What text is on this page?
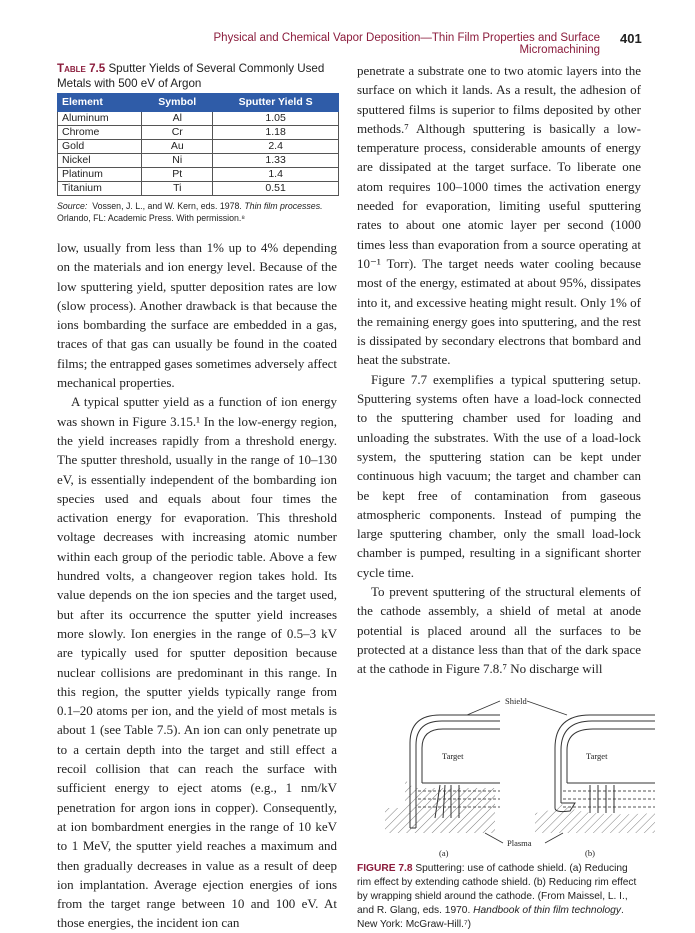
Physical and Chemical Vapor Deposition—Thin Film Properties and Surface Micromachining
401
Table 7.5 Sputter Yields of Several Commonly Used Metals with 500 eV of Argon
Element	Symbol	Sputter Yield S
Aluminum	Al	1.05
Chrome	Cr	1.18
Gold	Au	2.4
Nickel	Ni	1.33
Platinum	Pt	1.4
Titanium	Ti	0.51
Source: Vossen, J. L., and W. Kern, eds. 1978. Thin film processes. Orlando, FL: Academic Press. With permission.⁸

low, usually from less than 1% up to 4% depending on the materials and ion energy level. Because of the low sputtering yield, sputter deposition rates are low (slow process). Another drawback is that because the ions bombarding the surface are embedded in a gas, traces of that gas can usually be found in the coated films; the entrapped gases sometimes adversely affect mechanical properties.

A typical sputter yield as a function of ion energy was shown in Figure 3.15.¹ In the low-energy region, the yield increases rapidly from a threshold energy. The sputter threshold, usually in the range of 10–130 eV, is essentially independent of the bombarding ion species used and equals about four times the activation energy for evaporation. This threshold voltage decreases with increasing atomic number within each group of the periodic table. Above a few hundred volts, a changeover region takes hold. Its value depends on the ion species and the target used, but after its occurrence the sputter yield increases more slowly. Ion energies in the range of 0.5–3 kV are typically used for sputter deposition because nuclear collisions are predominant in this range. In this region, the sputter yields typically range from 0.1–20 atoms per ion, and the yield of most metals is about 1 (see Table 7.5). An ion can only penetrate up to a certain depth into the target and still effect a recoil collision that can reach the surface with sufficient energy to eject atoms (e.g., 1 nm/kV penetration for argon ions in copper). Consequently, at ion bombardment energies in the range of 10 keV to 1 MeV, the sputter yield reaches a maximum and then gradually decreases in value as a result of deep ion implantation. Average ejection energies of ions from the target range between 10 and 100 eV. At those energies, the incident ion can

penetrate a substrate one to two atomic layers into the surface on which it lands. As a result, the adhesion of sputtered films is superior to films deposited by other methods.⁷ Although sputtering is basically a low-temperature process, considerable amounts of energy are dissipated at the target surface. To liberate one atom requires 100–1000 times the activation energy needed for evaporation, limiting useful sputtering rates to about one atomic layer per second (1000 times less than evaporation from a source operating at 10⁻¹ Torr). The target needs water cooling because most of the energy, estimated at about 95%, dissipates into it, and excessive heating might result. Only 1% of the remaining energy goes into sputtering, and the rest is dissipated by secondary electrons that bombard and heat the substrate.

Figure 7.7 exemplifies a typical sputtering setup. Sputtering systems often have a load-lock connected to the sputtering chamber used for loading and unloading the substrates. With the use of a load-lock system, the sputtering station can be kept under continuous high vacuum; the target and chamber can be kept free of contamination from gaseous atmospheric components. Instead of pumping the large sputtering chamber, only the small load-lock chamber is pumped, resulting in a significant shorter cycle time.

To prevent sputtering of the structural elements of the cathode assembly, a shield of metal at anode potential is placed around all the surfaces to be protected at a distance less than that of the dark space at the cathode in Figure 7.8.⁷ No discharge will

Shield
Target	Target
Plasma
(a)	(b)
FIGURE 7.8 Sputtering: use of cathode shield. (a) Reducing rim effect by extending cathode shield. (b) Reducing rim effect by wrapping shield around the cathode. (From Maissel, L. I., and R. Glang, eds. 1970. Handbook of thin film technology. New York: McGraw-Hill.⁷)
